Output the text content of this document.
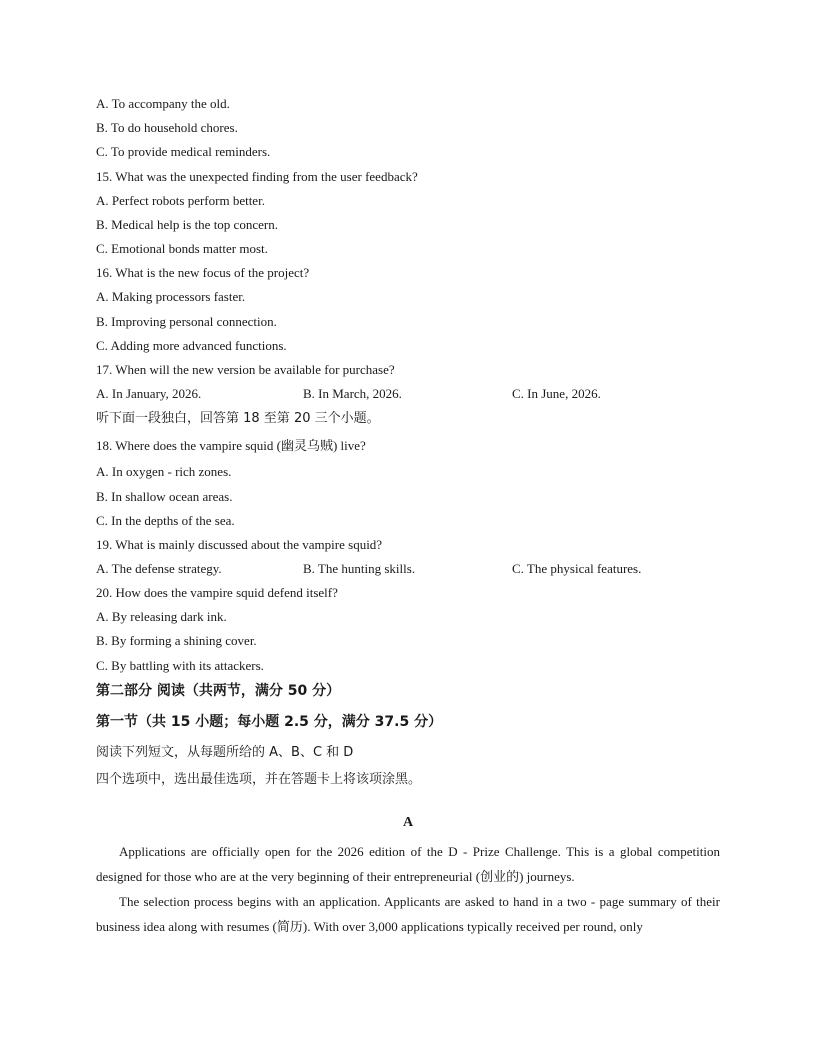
A. To accompany the old.
B. To do household chores.
C. To provide medical reminders.
15. What was the unexpected finding from the user feedback?
A. Perfect robots perform better.
B. Medical help is the top concern.
C. Emotional bonds matter most.
16. What is the new focus of the project?
A. Making processors faster.
B. Improving personal connection.
C. Adding more advanced functions.
17. When will the new version be available for purchase?
A. In January, 2026.	B. In March, 2026.	C. In June, 2026.
听下面一段独白，回答第 18 至第 20 三个小题。
18. Where does the vampire squid (幽灵乌贼) live?
A. In oxygen - rich zones.
B. In shallow ocean areas.
C. In the depths of the sea.
19. What is mainly discussed about the vampire squid?
A. The defense strategy.	B. The hunting skills.	C. The physical features.
20. How does the vampire squid defend itself?
A. By releasing dark ink.
B. By forming a shining cover.
C. By battling with its attackers.
第二部分 阅读（共两节，满分 50 分）
第一节（共 15 小题；每小题 2.5 分，满分 37.5 分）
阅读下列短文，从每题所给的 A、B、C 和 D
四个选项中，选出最佳选项，并在答题卡上将该项涂黑。
A
Applications are officially open for the 2026 edition of the D - Prize Challenge. This is a global competition designed for those who are at the very beginning of their entrepreneurial (创业的) journeys.
The selection process begins with an application. Applicants are asked to hand in a two - page summary of their business idea along with resumes (简历). With over 3,000 applications typically received per round, only
